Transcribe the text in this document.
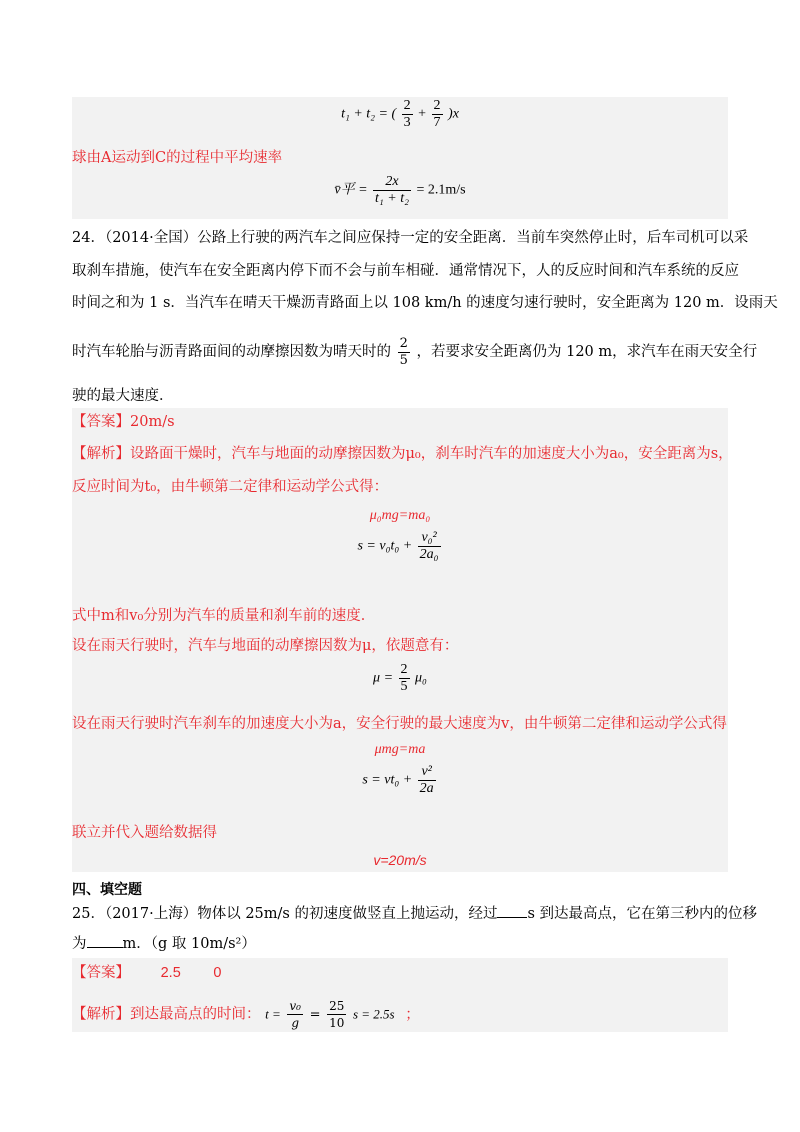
t₁ + t₂ = ( $\frac{2}{3} + \frac{2}{7} )x$
球由A运动到C的过程中平均速率
v̄平 = $\frac{2x}{\text{t₁ + t₂}} = 2.1m/s$
24．（2014·全国）公路上行驶的两汽车之间应保持一定的安全距离．当前车突然停止时，后车司机可以采
取刹车措施，使汽车在安全距离内停下而不会与前车相碰．通常情况下，人的反应时间和汽车系统的反应
时间之和为 1 s．当汽车在晴天干燥沥青路面上以 108 km/h 的速度匀速行驶时，安全距离为 120 m．设雨天
时汽车轮胎与沥青路面间的动摩擦因数为晴天时的 $\frac{2}{5}$ ，若要求安全距离仍为 120 m，求汽车在雨天安全行
驶的最大速度．
【答案】20m/s
【解析】设路面干燥时，汽车与地面的动摩擦因数为μ₀，刹车时汽车的加速度大小为a₀，安全距离为s，
反应时间为t₀，由牛顿第二定律和运动学公式得：
μ₀mg=ma₀
$s = v_0t_0 + \frac{\text{v₀²}}{\text{2a₀}}$
式中m和v₀分别为汽车的质量和刹车前的速度．
设在雨天行驶时，汽车与地面的动摩擦因数为μ，依题意有：
$\mu = \frac{2}{5} \mu_0$
设在雨天行驶时汽车刹车的加速度大小为a，安全行驶的最大速度为v，由牛顿第二定律和运动学公式得
μmg=ma
$s = vt_0 + \frac{\text{v²}}{2a}$
联立并代入题给数据得
v=20m/s
四、填空题
25．（2017·上海）物体以 25m/s 的初速度做竖直上抛运动，经过 s 到达最高点，它在第三秒内的位移
为 m．（g 取 10m/s²）
【答案】 2.5 0
【解析】到达最高点的时间： $t = \frac{\text{v₀}}{g} = \frac{25}{10}$ s = 2.5s ；
